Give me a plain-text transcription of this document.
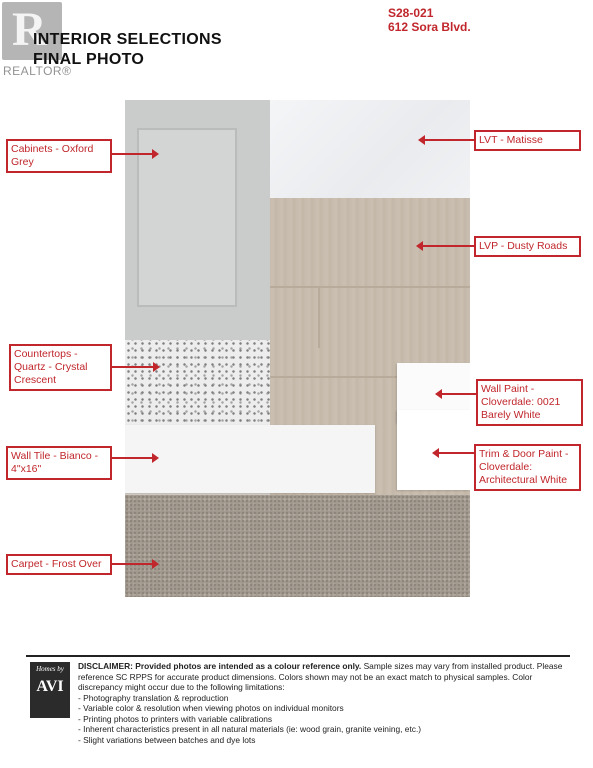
R
REALTOR®
INTERIOR SELECTIONS
FINAL PHOTO
S28-021
612 Sora Blvd.
Cabinets - Oxford
Grey
Countertops -
Quartz - Crystal
Crescent
Wall Tile - Bianco -
4"x16"
Carpet - Frost Over
LVT - Matisse
LVP - Dusty Roads
Wall Paint -
Cloverdale: 0021
Barely White
Trim & Door Paint -
Cloverdale:
Architectural White
Homes by
AVI
DISCLAIMER: Provided photos are intended as a colour reference only. Sample sizes may vary from installed product. Please reference SC RPPS for accurate product dimensions. Colors shown may not be an exact match to physical samples. Color discrepancy might occur due to the following limitations:
- Photography translation & reproduction
- Variable color & resolution when viewing photos on individual monitors
- Printing photos to printers with variable calibrations
- Inherent characteristics present in all natural materials (ie: wood grain, granite veining, etc.)
- Slight variations between batches and dye lots
